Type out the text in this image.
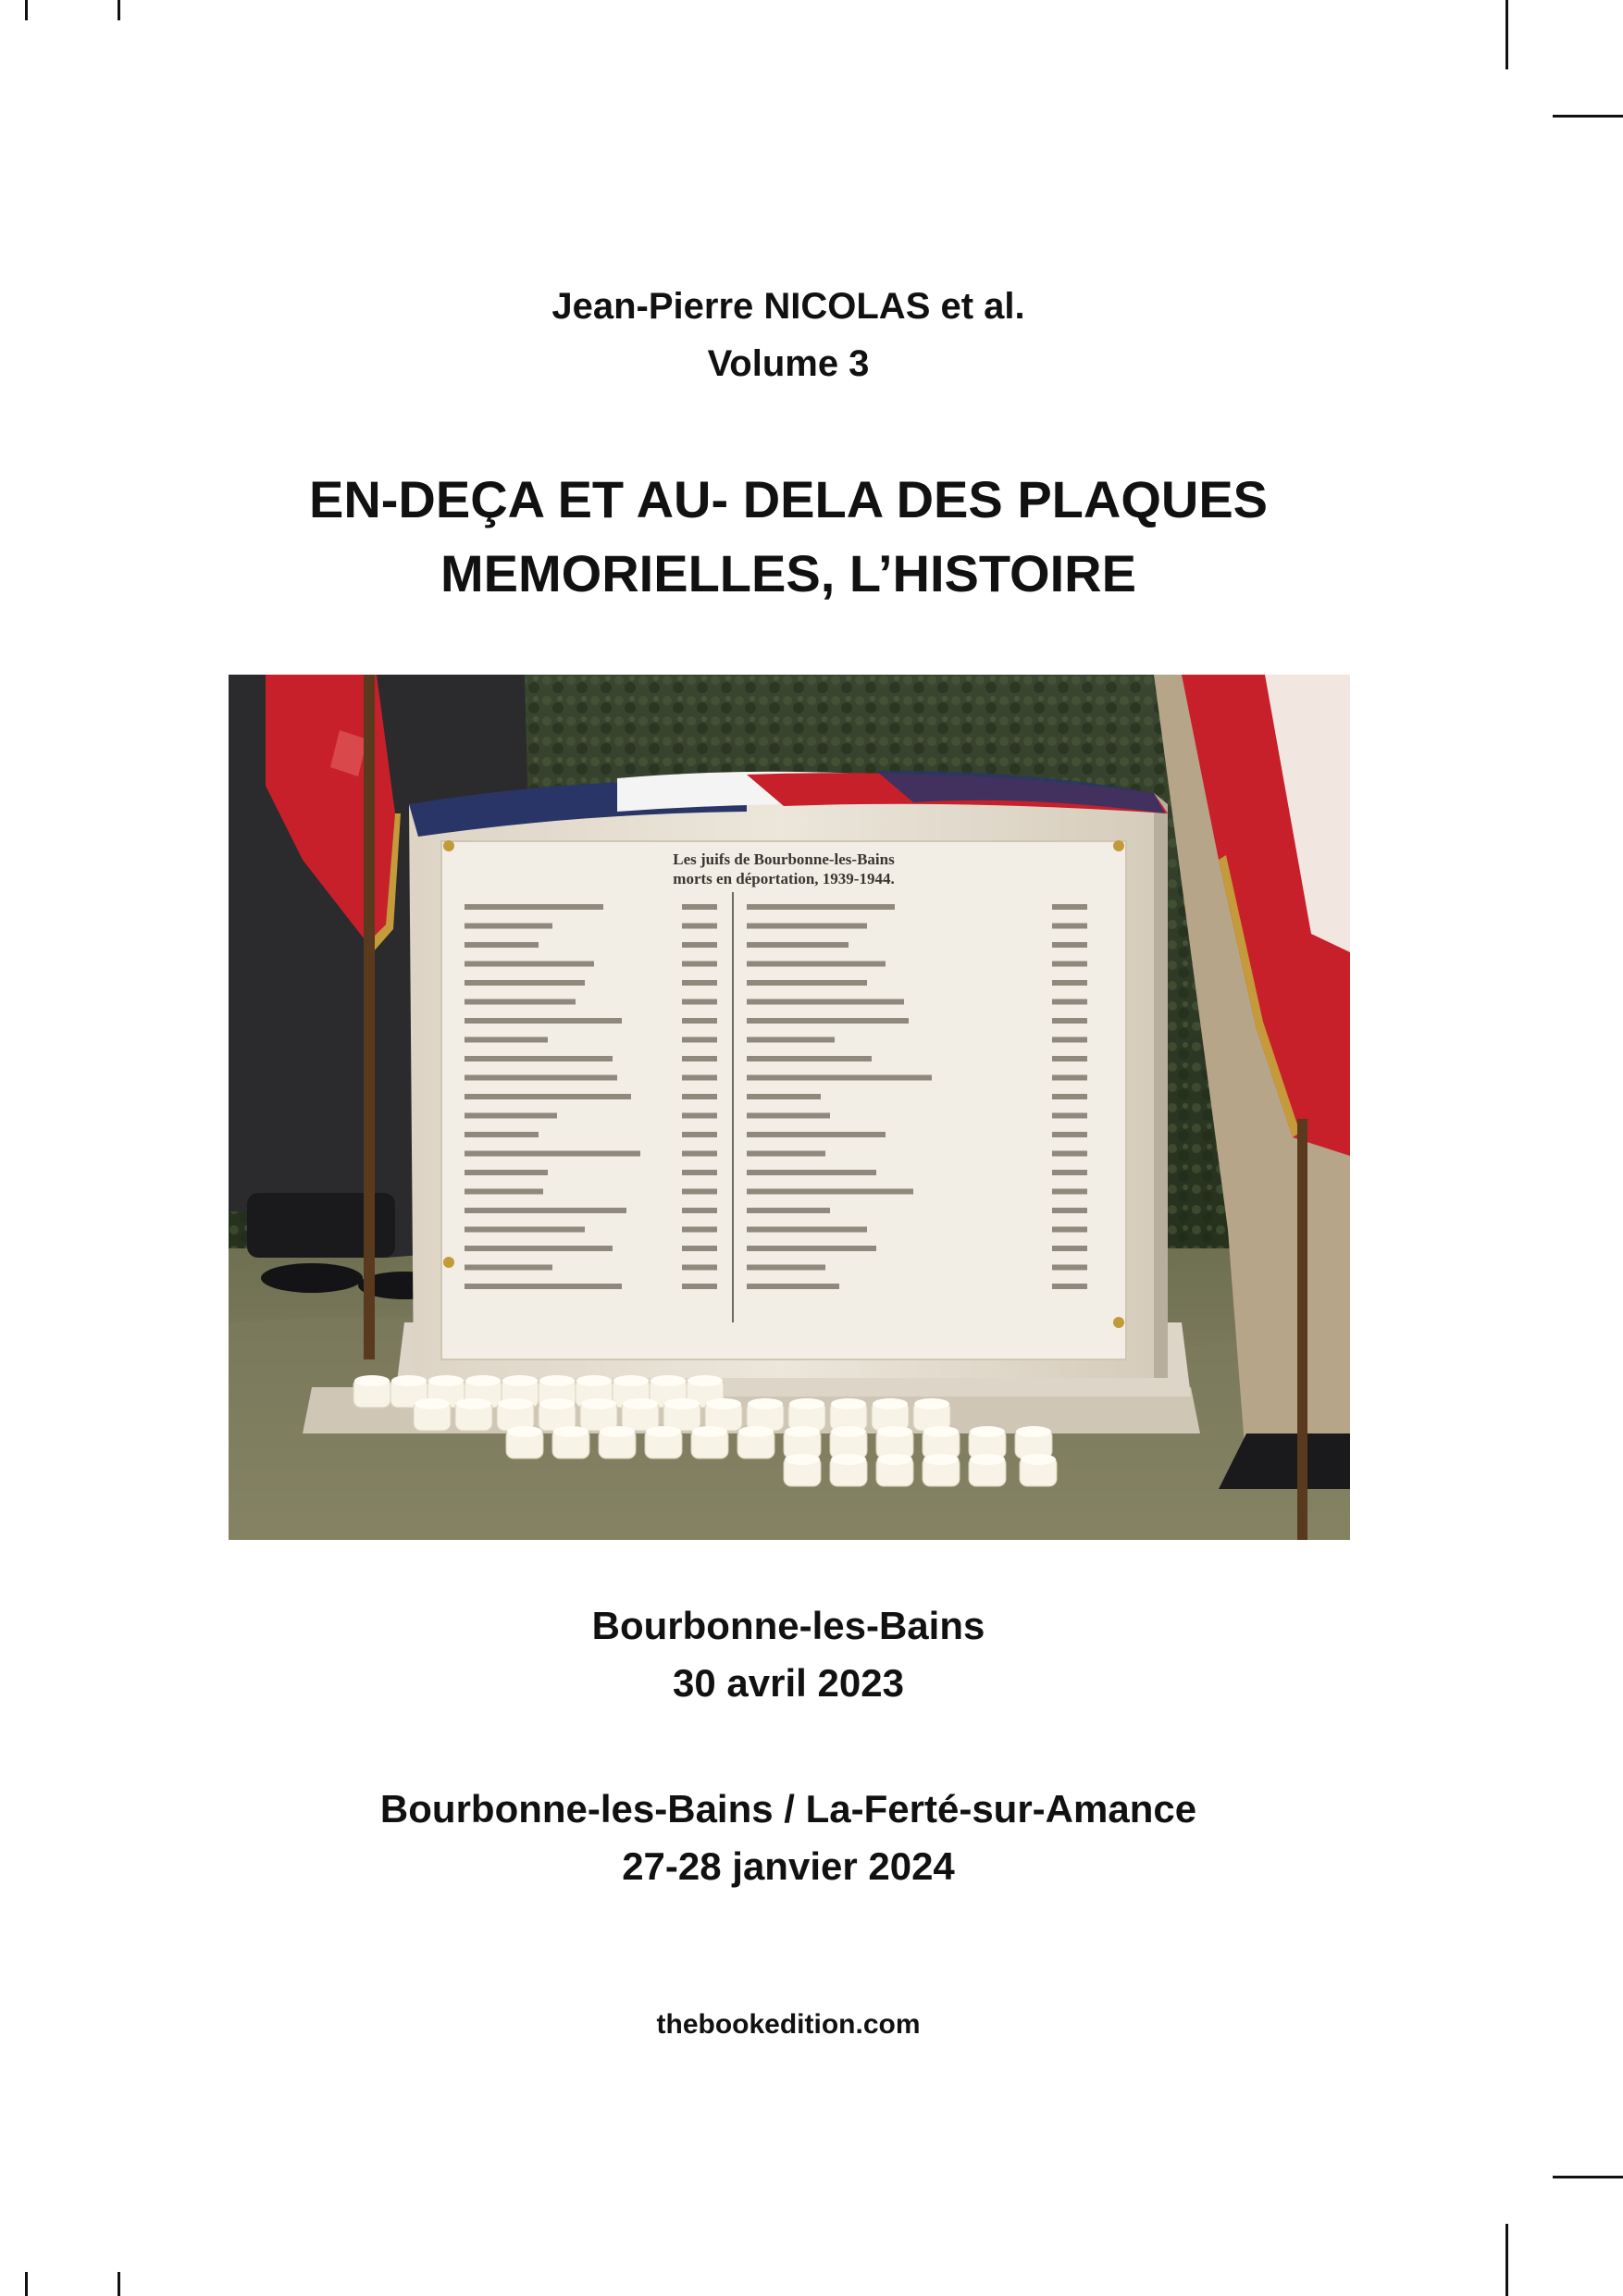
Jean-Pierre NICOLAS et al.
Volume 3
EN-DEÇA ET AU- DELA DES PLAQUES
MEMORIELLES, L’HISTOIRE
Les juifs de Bourbonne-les-Bains
morts en déportation, 1939-1944.
Bourbonne-les-Bains
30 avril 2023
Bourbonne-les-Bains / La-Ferté-sur-Amance
27-28 janvier 2024
thebookedition.com
